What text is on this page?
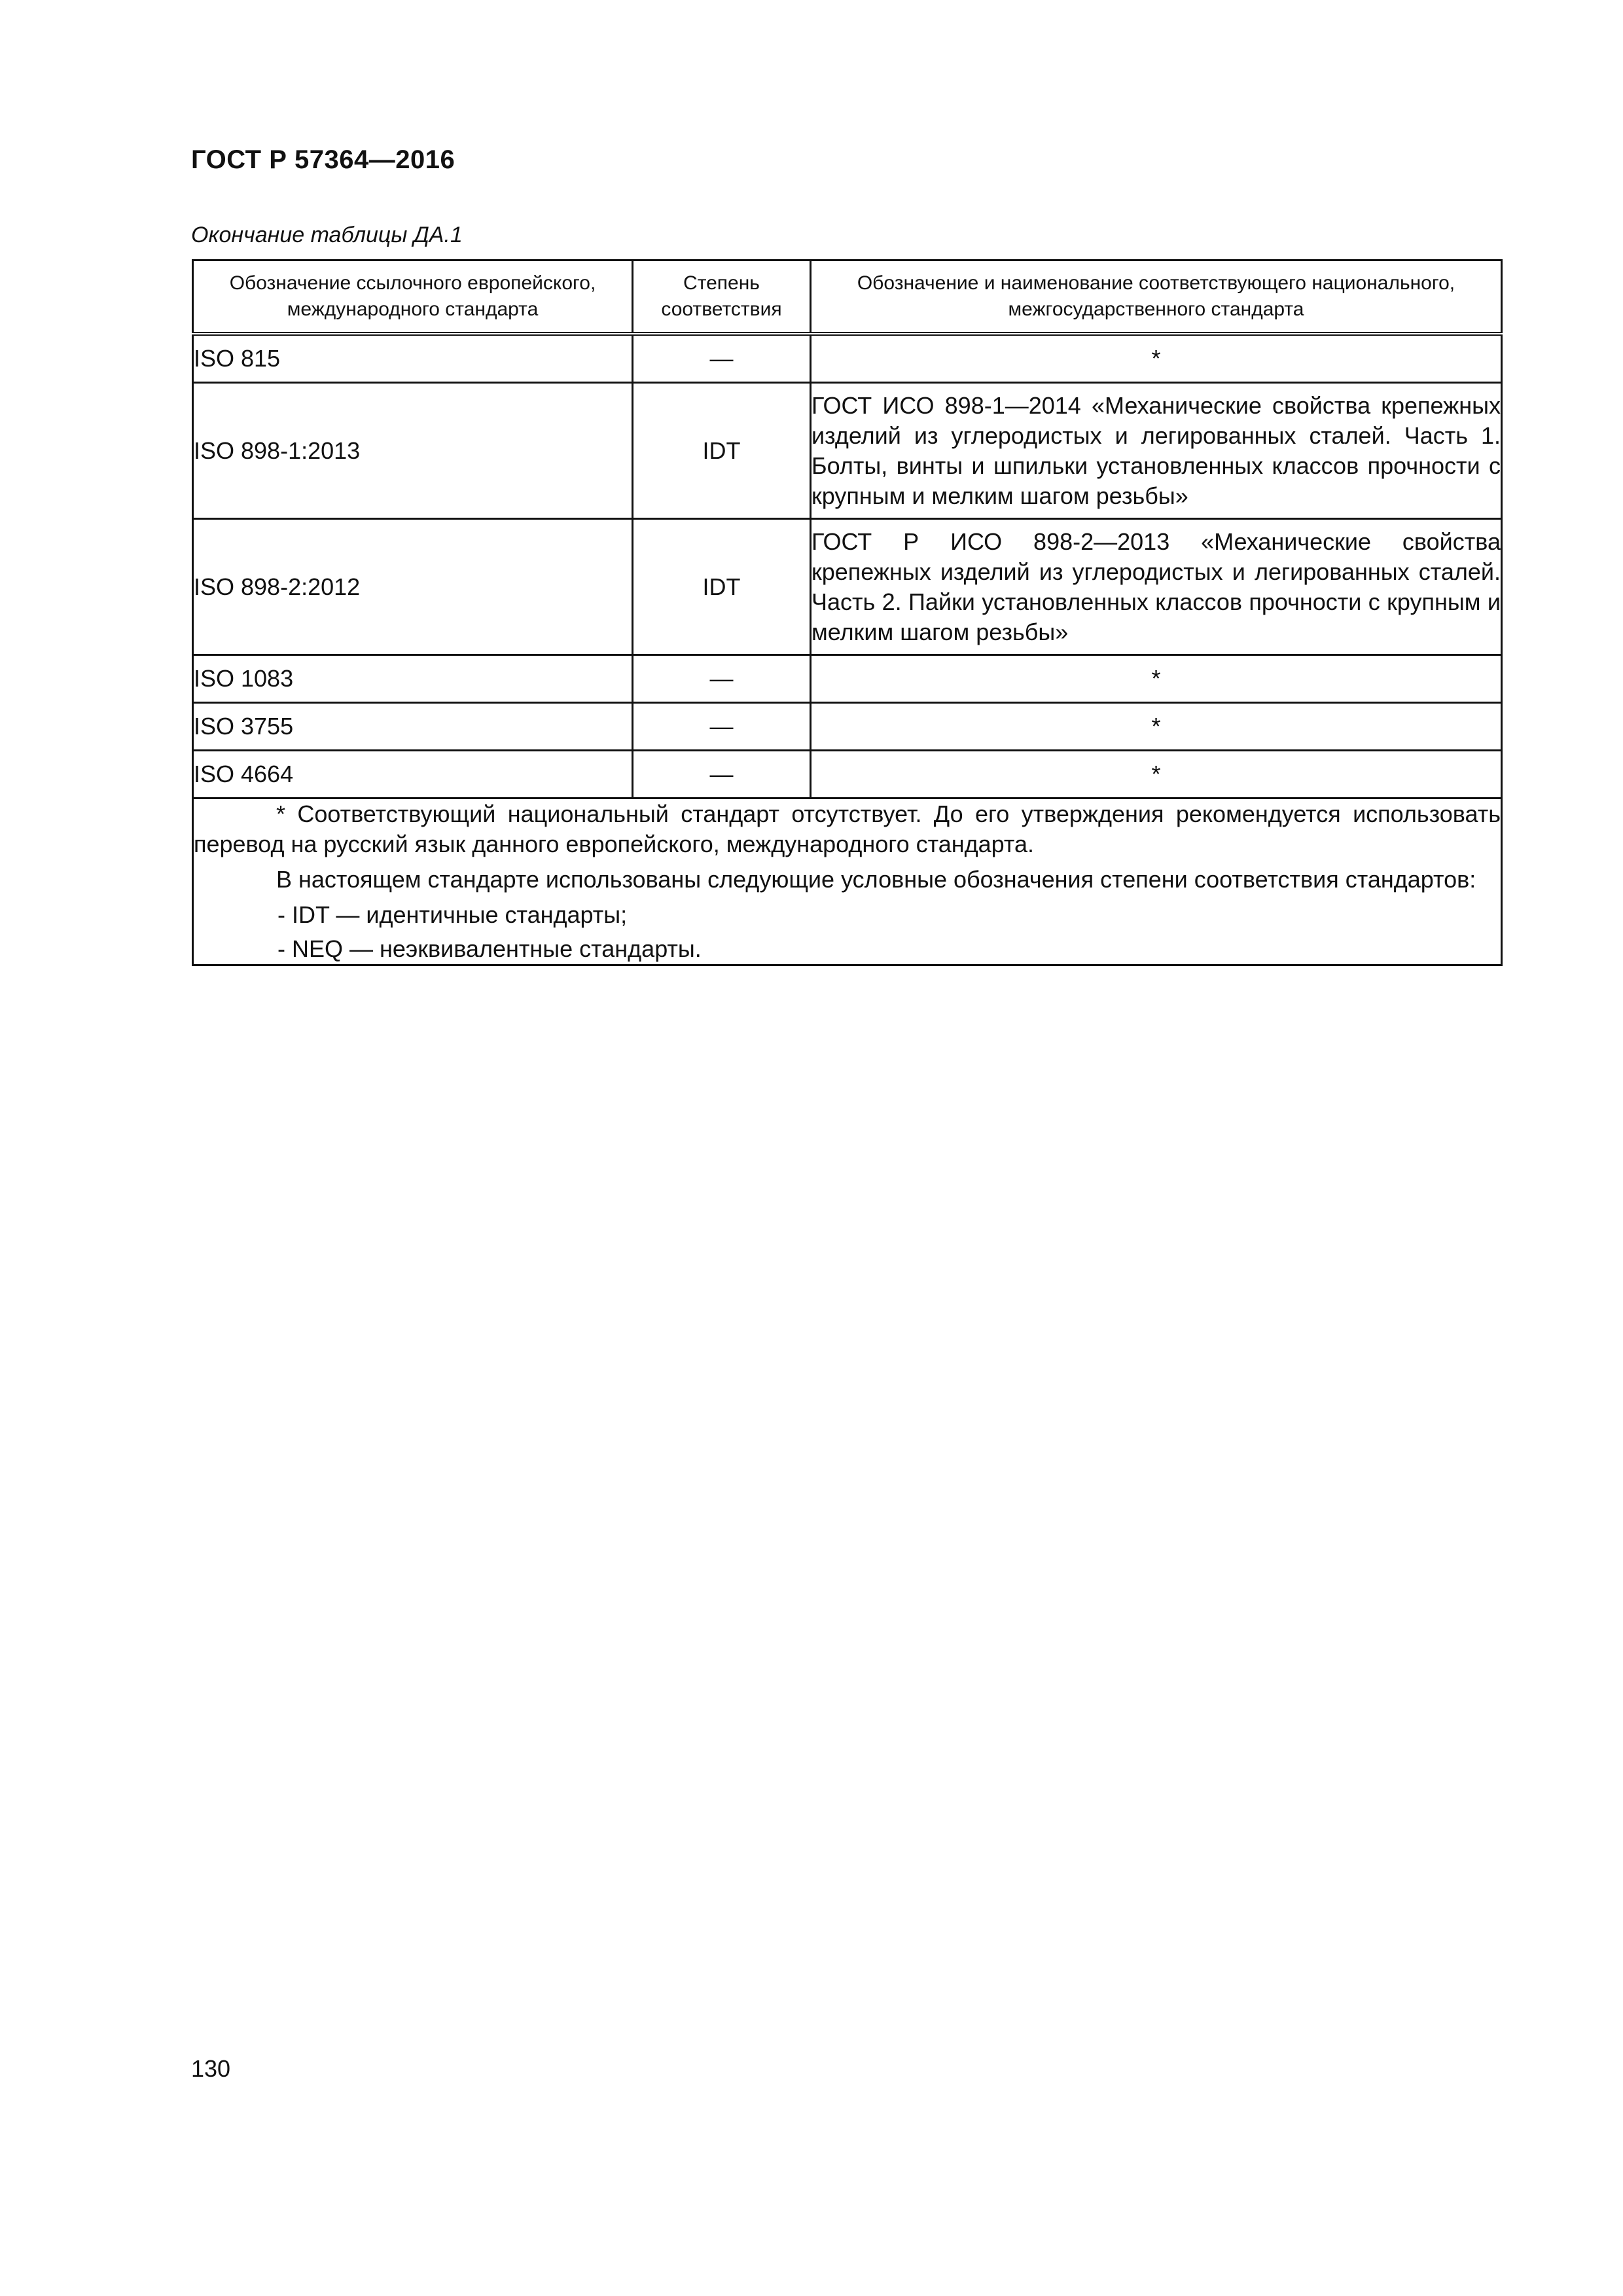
ГОСТ Р 57364—2016
Окончание таблицы ДА.1
Обозначение ссылочного европейского, международного стандарта	Степень соответствия	Обозначение и наименование соответствующего национального, межгосударственного стандарта
ISO 815	—	*
ISO 898-1:2013	IDT	ГОСТ ИСО 898-1—2014 «Механические свойства крепежных изделий из углеродистых и легированных сталей. Часть 1. Болты, винты и шпильки установленных классов прочности с крупным и мелким шагом резьбы»

ISO 898-2:2012	IDT	ГОСТ Р ИСО 898-2—2013 «Механические свойства крепежных изделий из углеродистых и легированных сталей. Часть 2. Пайки установленных классов прочности с крупным и мелким шагом резьбы»

ISO 1083	—	*
ISO 3755	—	*
ISO 4664	—	*

* Соответствующий национальный стандарт отсутствует. До его утверждения рекомендуется использовать перевод на русский язык данного европейского, международного стандарта.
В настоящем стандарте использованы следующие условные обозначения степени соответствия стандартов:
- IDT — идентичные стандарты;
- NEQ — неэквивалентные стандарты.		
130
